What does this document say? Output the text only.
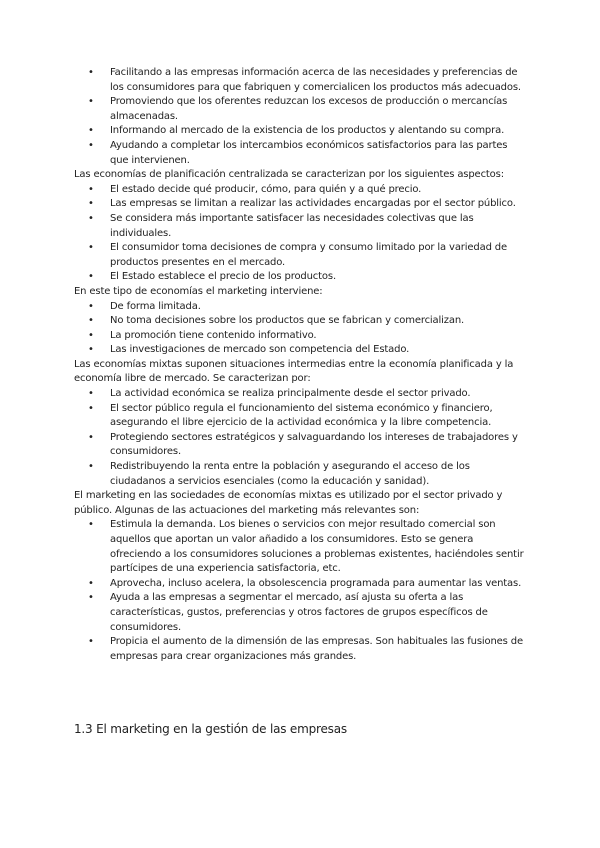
• Facilitando a las empresas información acerca de las necesidades y preferencias de los consumidores para que fabriquen y comercialicen los productos más adecuados.
• Promoviendo que los oferentes reduzcan los excesos de producción o mercancías almacenadas.
• Informando al mercado de la existencia de los productos y alentando su compra.
• Ayudando a completar los intercambios económicos satisfactorios para las partes que intervienen.

Las economías de planificación centralizada se caracterizan por los siguientes aspectos:

• El estado decide qué producir, cómo, para quién y a qué precio.
• Las empresas se limitan a realizar las actividades encargadas por el sector público.
• Se considera más importante satisfacer las necesidades colectivas que las individuales.
• El consumidor toma decisiones de compra y consumo limitado por la variedad de productos presentes en el mercado.
• El Estado establece el precio de los productos.

En este tipo de economías el marketing interviene:

• De forma limitada.
• No toma decisiones sobre los productos que se fabrican y comercializan.
• La promoción tiene contenido informativo.
• Las investigaciones de mercado son competencia del Estado.

Las economías mixtas suponen situaciones intermedias entre la economía planificada y la economía libre de mercado. Se caracterizan por:

• La actividad económica se realiza principalmente desde el sector privado.
• El sector público regula el funcionamiento del sistema económico y financiero, asegurando el libre ejercicio de la actividad económica y la libre competencia.
• Protegiendo sectores estratégicos y salvaguardando los intereses de trabajadores y consumidores.
• Redistribuyendo la renta entre la población y asegurando el acceso de los ciudadanos a servicios esenciales (como la educación y sanidad).

El marketing en las sociedades de economías mixtas es utilizado por el sector privado y público. Algunas de las actuaciones del marketing más relevantes son:

• Estimula la demanda. Los bienes o servicios con mejor resultado comercial son aquellos que aportan un valor añadido a los consumidores. Esto se genera ofreciendo a los consumidores soluciones a problemas existentes, haciéndoles sentir partícipes de una experiencia satisfactoria, etc.
• Aprovecha, incluso acelera, la obsolescencia programada para aumentar las ventas.
• Ayuda a las empresas a segmentar el mercado, así ajusta su oferta a las características, gustos, preferencias y otros factores de grupos específicos de consumidores.
• Propicia el aumento de la dimensión de las empresas. Son habituales las fusiones de empresas para crear organizaciones más grandes.
1.3 El marketing en la gestión de las empresas
